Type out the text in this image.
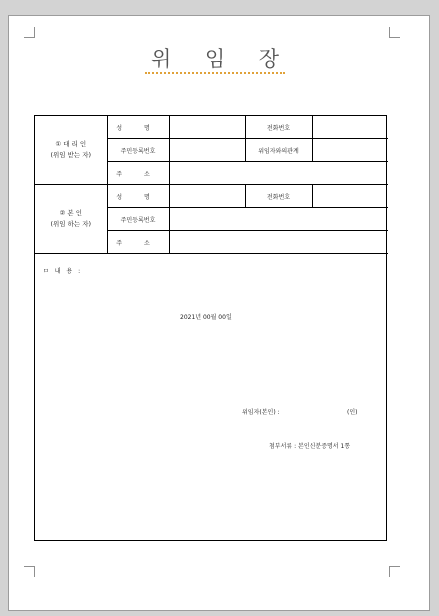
위 임 장
① 대 리 인
(위임 받는 자)	성 명		전화번호	
	주민등록번호		위임자와의관계	
	주 소			

② 본 인
(위임 하는 자)	성 명		전화번호	
	주민등록번호			
	주 소			
ㅁ 내 용 :
2021년 00월 00일
위임자(본인) :	(인)
첨부서류 : 본인신분증명서 1통
